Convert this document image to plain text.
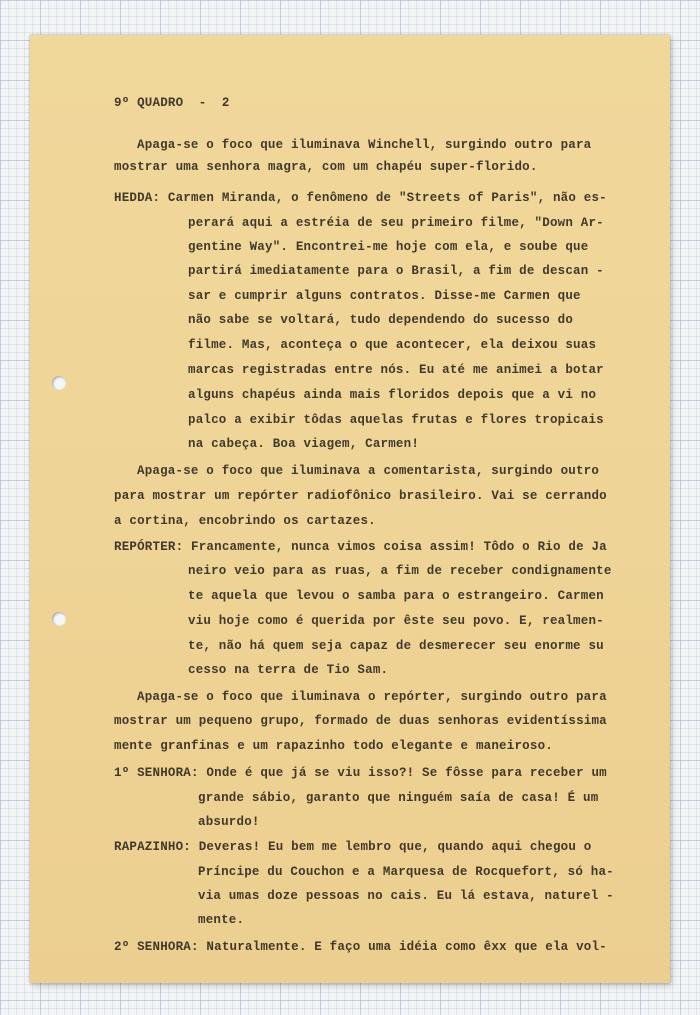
9º QUADRO  -  2

Apaga-se o foco que iluminava Winchell, surgindo outro para

mostrar uma senhora magra, com um chapéu super-florido.

HEDDA: Carmen Miranda, o fenômeno de "Streets of Paris", não es-

perará aqui a estréia de seu primeiro filme, "Down Ar-

gentine Way". Encontrei-me hoje com ela, e soube que

partirá imediatamente para o Brasil, a fim de descan -

sar e cumprir alguns contratos. Disse-me Carmen que

não sabe se voltará, tudo dependendo do sucesso do

filme. Mas, aconteça o que acontecer, ela deixou suas

marcas registradas entre nós. Eu até me animei a botar

alguns chapéus ainda mais floridos depois que a vi no

palco a exibir tôdas aquelas frutas e flores tropicais

na cabeça. Boa viagem, Carmen!

Apaga-se o foco que iluminava a comentarista, surgindo outro

para mostrar um repórter radiofônico brasileiro. Vai se cerrando

a cortina, encobrindo os cartazes.

REPÓRTER: Francamente, nunca vimos coisa assim! Tôdo o Rio de Ja

neiro veio para as ruas, a fim de receber condignamente

te aquela que levou o samba para o estrangeiro. Carmen

viu hoje como é querida por êste seu povo. E, realmen-

te, não há quem seja capaz de desmerecer seu enorme su

cesso na terra de Tio Sam.

Apaga-se o foco que iluminava o repórter, surgindo outro para

mostrar um pequeno grupo, formado de duas senhoras evidentíssima

mente granfinas e um rapazinho todo elegante e maneiroso.

1º SENHORA: Onde é que já se viu isso?! Se fôsse para receber um

grande sábio, garanto que ninguém saía de casa! É um

absurdo!

RAPAZINHO: Deveras! Eu bem me lembro que, quando aqui chegou o

Príncipe du Couchon e a Marquesa de Rocquefort, só ha-

via umas doze pessoas no cais. Eu lá estava, naturel -

mente.

2º SENHORA: Naturalmente. E faço uma idéia como êxx que ela vol-
